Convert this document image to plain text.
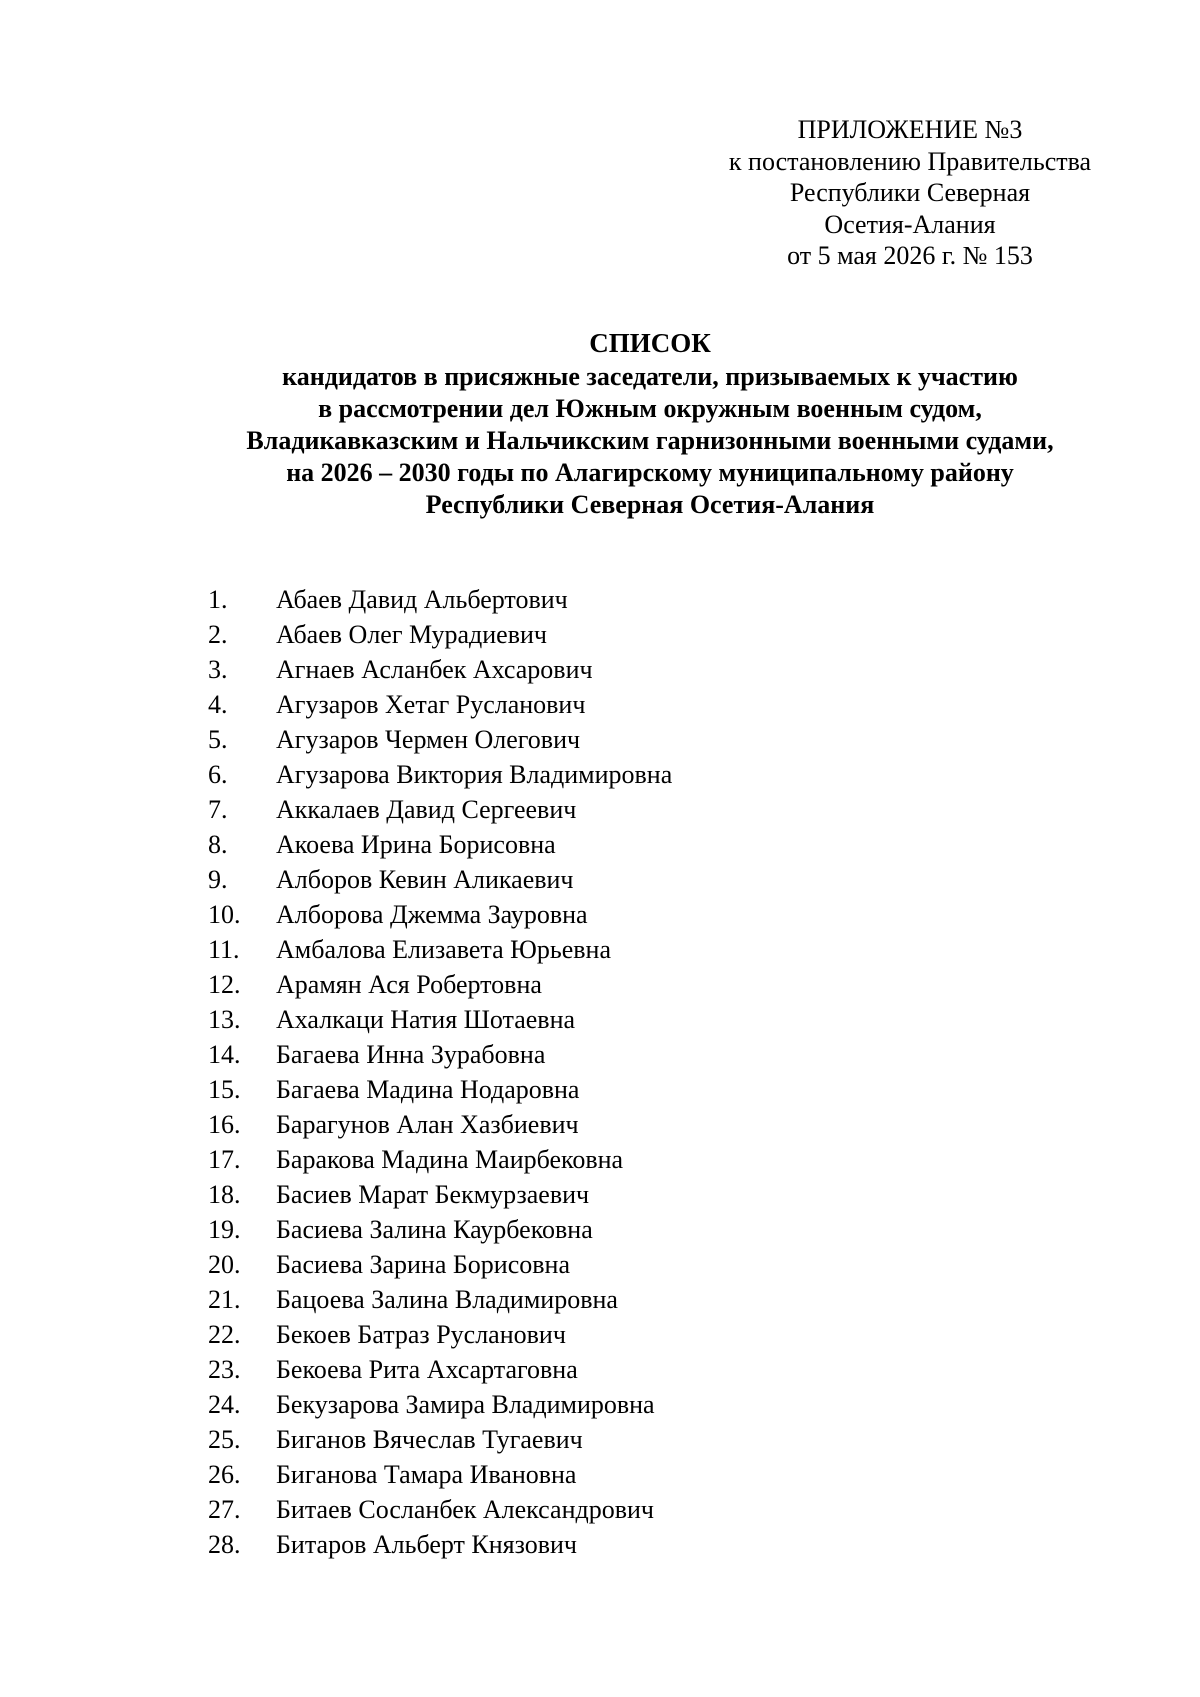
ПРИЛОЖЕНИЕ №3
к постановлению Правительства
Республики Северная
Осетия-Алания
от 5 мая 2026 г. № 153
СПИСОК
кандидатов в присяжные заседатели, призываемых к участию
в рассмотрении дел Южным окружным военным судом,
Владикавказским и Нальчикским гарнизонными военными судами,
на 2026 – 2030 годы по Алагирскому муниципальному району
Республики Северная Осетия-Алания
1.	Абаев Давид Альбертович
2.	Абаев Олег Мурадиевич
3.	Агнаев Асланбек Ахсарович
4.	Агузаров Хетаг Русланович
5.	Агузаров Чермен Олегович
6.	Агузарова Виктория Владимировна
7.	Аккалаев Давид Сергеевич
8.	Акоева Ирина Борисовна
9.	Алборов Кевин Аликаевич
10.	Алборова Джемма Зауровна
11.	Амбалова Елизавета Юрьевна
12.	Арамян Ася Робертовна
13.	Ахалкаци Натия Шотаевна
14.	Багаева Инна Зурабовна
15.	Багаева Мадина Нодаровна
16.	Барагунов Алан Хазбиевич
17.	Баракова Мадина Маирбековна
18.	Басиев Марат Бекмурзаевич
19.	Басиева Залина Каурбековна
20.	Басиева Зарина Борисовна
21.	Бацоева Залина Владимировна
22.	Бекоев Батраз Русланович
23.	Бекоева Рита Ахсартаговна
24.	Бекузарова Замира Владимировна
25.	Биганов Вячеслав Тугаевич
26.	Биганова Тамара Ивановна
27.	Битаев Сосланбек Александрович
28.	Битаров Альберт Князович
